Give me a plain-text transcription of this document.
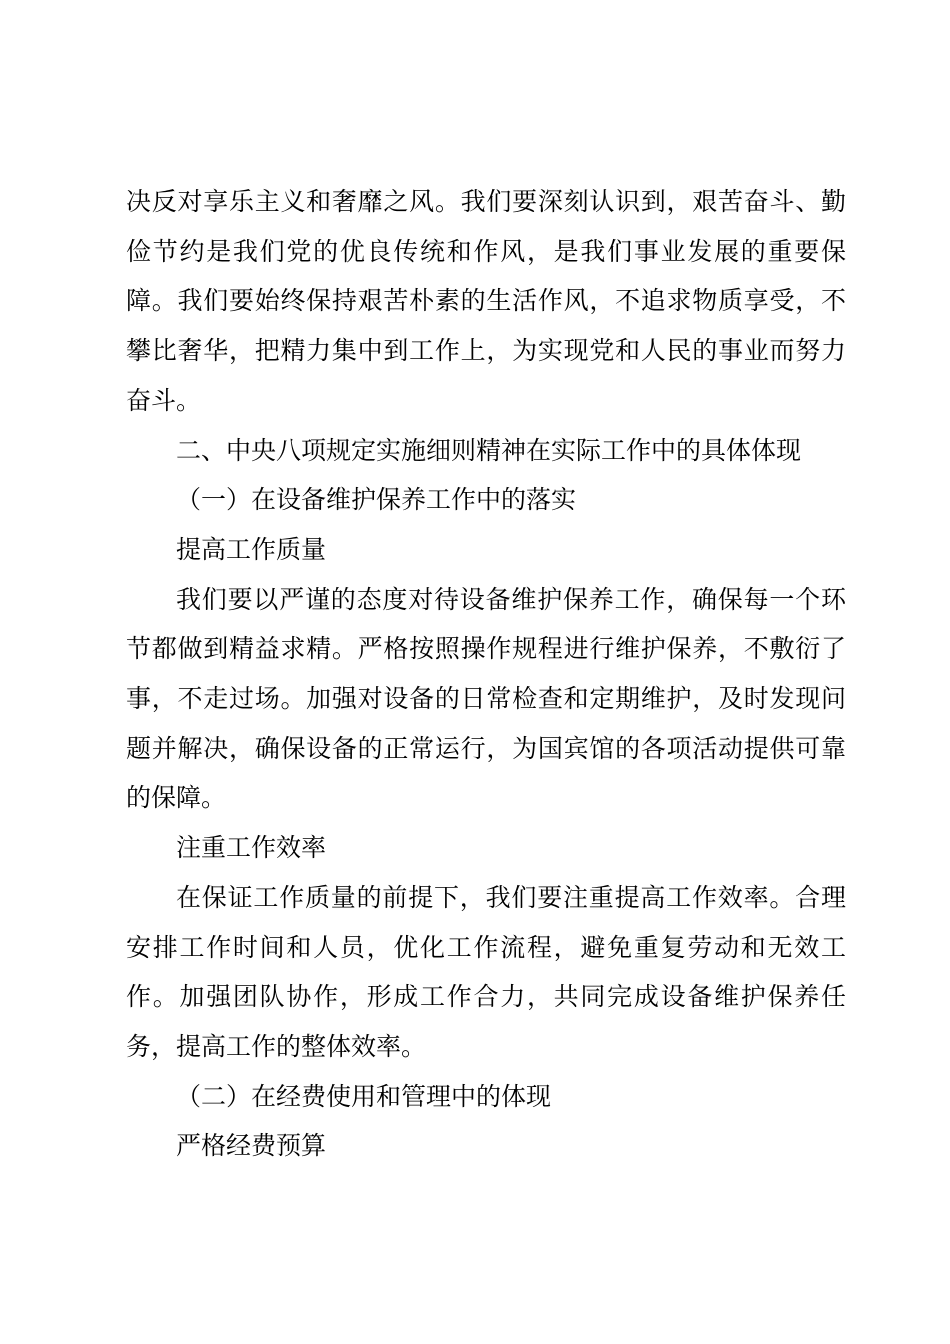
决反对享乐主义和奢靡之风。我们要深刻认识到，艰苦奋斗、勤俭节约是我们党的优良传统和作风，是我们事业发展的重要保障。我们要始终保持艰苦朴素的生活作风，不追求物质享受，不攀比奢华，把精力集中到工作上，为实现党和人民的事业而努力奋斗。

二、中央八项规定实施细则精神在实际工作中的具体体现

（一）在设备维护保养工作中的落实

提高工作质量

我们要以严谨的态度对待设备维护保养工作，确保每一个环节都做到精益求精。严格按照操作规程进行维护保养，不敷衍了事，不走过场。加强对设备的日常检查和定期维护，及时发现问题并解决，确保设备的正常运行，为国宾馆的各项活动提供可靠的保障。

注重工作效率

在保证工作质量的前提下，我们要注重提高工作效率。合理安排工作时间和人员，优化工作流程，避免重复劳动和无效工作。加强团队协作，形成工作合力，共同完成设备维护保养任务，提高工作的整体效率。

（二）在经费使用和管理中的体现

严格经费预算
